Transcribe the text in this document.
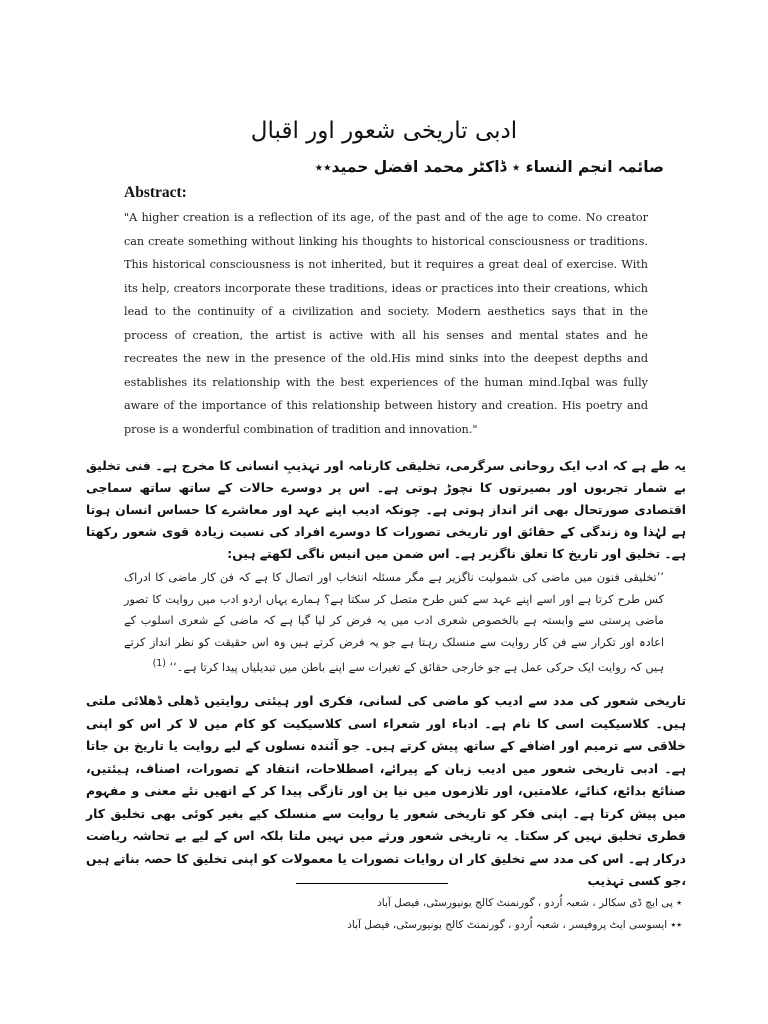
ادبی تاریخی شعور اور اقبال
صائمہ انجم النساء ٭ ڈاکٹر محمد افضل حمید٭٭
Abstract:
"A higher creation is a reflection of its age, of the past and of the age to come. No creator can create something without linking his thoughts to historical consciousness or traditions. This historical consciousness is not inherited, but it requires a great deal of exercise. With its help, creators incorporate these traditions, ideas or practices into their creations, which lead to the continuity of a civilization and society. Modern aesthetics says that in the process of creation, the artist is active with all his senses and mental states and he recreates the new in the presence of the old.His mind sinks into the deepest depths and establishes its relationship with the best experiences of the human mind.Iqbal was fully aware of the importance of this relationship between history and creation. His poetry and prose is a wonderful combination of tradition and innovation."
یہ طے ہے کہ ادب ایک روحانی سرگرمی، تخلیقی کارنامہ اور تہذیبِ انسانی کا مخرج ہے۔ فنی تخلیق بے شمار تجربوں اور بصیرتوں کا نچوڑ ہوتی ہے۔ اس پر دوسرے حالات کے ساتھ ساتھ سماجی اقتصادی صورتحال بھی اثر انداز ہوتی ہے۔ چونکہ ادیب اپنے عہد اور معاشرے کا حساس انسان ہوتا ہے لہٰذا وہ زندگی کے حقائق اور تاریخی تصورات کا دوسرے افراد کی نسبت زیادہ قوی شعور رکھتا ہے۔ تخلیق اور تاریخ کا تعلق ناگزیر ہے۔ اس ضمن میں انیس ناگی لکھتے ہیں:
’’تخلیقی فنون میں ماضی کی شمولیت ناگزیر ہے مگر مسئلہ انتخاب اور اتصال کا ہے کہ فن کار ماضی کا ادراک کس طرح کرتا ہے اور اسے اپنے عہد سے کس طرح متصل کر سکتا ہے؟ ہمارے یہاں اردو ادب میں روایت کا تصور ماضی پرستی سے وابستہ ہے بالخصوص شعری ادب میں یہ فرض کر لیا گیا ہے کہ ماضی کے شعری اسلوب کے اعادہ اور تکرار سے فن کار روایت سے منسلک رہتا ہے جو یہ فرض کرتے ہیں وہ اس حقیقت کو نظر انداز کرتے ہیں کہ روایت ایک حرکی عمل ہے جو خارجی حقائق کے تغیرات سے اپنے باطن میں تبدیلیاں پیدا کرتا ہے۔‘‘ $^{(1)}$
تاریخی شعور کی مدد سے ادیب کو ماضی کی لسانی، فکری اور ہیئتی روایتیں ڈھلی ڈھلائی ملتی ہیں۔ کلاسیکیت اسی کا نام ہے۔ ادباء اور شعراء اسی کلاسیکیت کو کام میں لا کر اس کو اپنی خلاقی سے ترمیم اور اضافے کے ساتھ پیش کرتے ہیں۔ جو آئندہ نسلوں کے لیے روایت یا تاریخ بن جاتا ہے۔ ادبی تاریخی شعور میں ادیب زبان کے پیرائے، اصطلاحات، انتقاد کے تصورات، اصناف، ہیئتیں، صنائع بدائع، کنائے، علامتیں، اور تلازموں میں نیا پن اور تازگی پیدا کر کے انھیں نئے معنی و مفہوم میں پیش کرتا ہے۔ اپنی فکر کو تاریخی شعور یا روایت سے منسلک کیے بغیر کوئی بھی تخلیق کار فطری تخلیق نہیں کر سکتا۔ یہ تاریخی شعور ورثے میں نہیں ملتا بلکہ اس کے لیے بے تحاشہ ریاضت درکار ہے۔ اس کی مدد سے تخلیق کار ان روایات تصورات یا معمولات کو اپنی تخلیق کا حصہ بناتے ہیں ،جو کسی تہذیب
٭ پی ایچ ڈی سکالر ، شعبہ اُردو ، گورنمنٹ کالج یونیورسٹی، فیصل آباد
٭٭ ایسوسی ایٹ پروفیسر ، شعبہ اُردو ، گورنمنٹ کالج یونیورسٹی، فیصل آباد
